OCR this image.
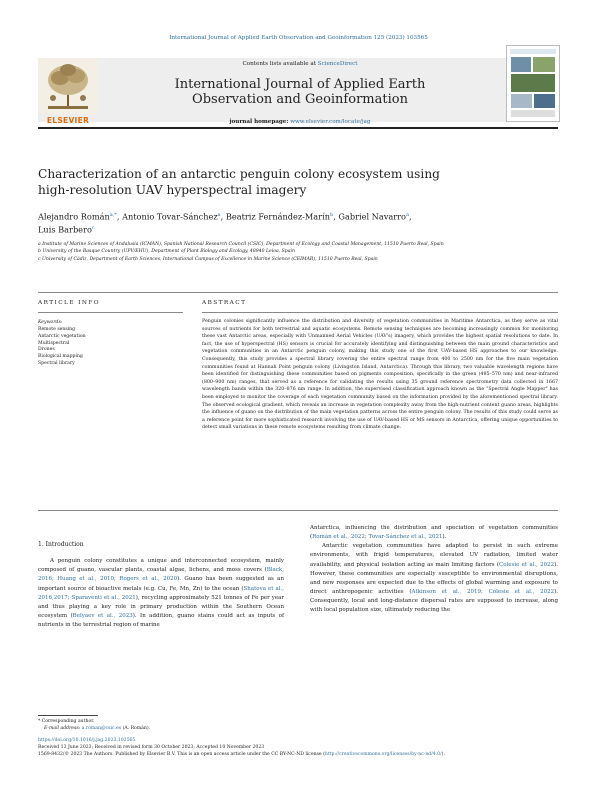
International Journal of Applied Earth Observation and Geoinformation 125 (2023) 103565
ELSEVIER
Contents lists available at ScienceDirect
International Journal of Applied Earth
Observation and Geoinformation
journal homepage: www.elsevier.com/locate/jag
Characterization of an antarctic penguin colony ecosystem using
high-resolution UAV hyperspectral imagery
Alejandro Román$^{a,*}$, Antonio Tovar-Sánchez$^a$, Beatriz Fernández-Marín$^b$, Gabriel Navarro$^a$,
Luis Barbero$^c$
a Institute of Marine Sciences of Andalusia (ICMAN), Spanish National Research Council (CSIC), Department of Ecology and Coastal Management, 11510 Puerto Real, Spain
b University of the Basque Country (UPV/EHU), Department of Plant Biology and Ecology, 48940 Leioa, Spain
c University of Cádiz, Department of Earth Sciences, International Campus of Excellence in Marine Science (CEIMAR), 11510 Puerto Real, Spain
ARTICLE INFO	ABSTRACT
Keywords:
Remote sensing
Antarctic vegetation
Multispectral
Drones
Biological mapping
Spectral library
Penguin colonies significantly influence the distribution and diversity of vegetation communities in Maritime Antarctica, as they serve as vital sources of nutrients for both terrestrial and aquatic ecosystems. Remote sensing techniques are becoming increasingly common for monitoring these vast Antarctic areas, especially with Unmanned Aerial Vehicles (UAV's) imagery, which provides the highest spatial resolutions to date. In fact, the use of hyperspectral (HS) sensors is crucial for accurately identifying and distinguishing between the main ground characteristics and vegetation communities in an Antarctic penguin colony, making this study one of the first UAV-based HS approaches to our knowledge. Consequently, this study provides a spectral library covering the entire spectral range from 400 to 2500 nm for the five main vegetation communities found at Hannah Point penguin colony (Livingston Island, Antarctica). Through this library, two valuable wavelength regions have been identified for distinguishing these communities based on pigments composition, specifically in the green (495–570 nm) and near-infrared (800–900 nm) ranges, that served as a reference for validating the results using 35 ground reference spectrometry data collected in 1667 wavelength bands within the 320–876 nm range. In addition, the supervised classification approach known as the "Spectral Angle Mapper" has been employed to monitor the coverage of each vegetation community based on the information provided by the aforementioned spectral library. The observed ecological gradient, which reveals an increase in vegetation complexity away from the high-nutrient content guano areas, highlights the influence of guano on the distribution of the main vegetation patterns across the entire penguin colony. The results of this study could serve as a reference point for more sophisticated research involving the use of UAV-based HS or MS sensors in Antarctica, offering unique opportunities to detect small variations in these remote ecosystems resulting from climate change.
1. Introduction

A penguin colony constitutes a unique and interconnected ecosystem, mainly composed of guano, vascular plants, coastal algae, lichens, and moss covers (Black, 2016; Huang et al., 2010; Rogers et al., 2020). Guano has been suggested as an important source of bioactive metals (e.g. Cu, Fe, Mn, Zn) to the ocean (Shatova et al., 2016,2017; Sparaventi et al., 2021), recycling approximately 521 tonnes of Fe per year and thus playing a key role in primary production within the Southern Ocean ecosystem (Belyaev et al., 2023). In addition, guano stains could act as inputs of nutrients in the terrestrial region of marine

Antarctica, influencing the distribution and speciation of vegetation communities (Román et al., 2022; Tovar-Sánchez et al., 2021).

Antarctic vegetation communities have adapted to persist in such extreme environments, with frigid temperatures, elevated UV radiation, limited water availability, and physical isolation acting as main limiting factors (Colesie et al., 2022). However, these communities are especially susceptible to environmental disruptions, and new responses are expected due to the effects of global warming and exposure to direct anthropogenic activities (Atkinson et al., 2019; Colesie et al., 2022). Consequently, local and long-distance dispersal rates are supposed to increase, along with local population size, ultimately reducing the

* Corresponding author.
E-mail address: a.roman@csic.es (A. Román).
https://doi.org/10.1016/j.jag.2023.103565
Received 13 June 2023; Received in revised form 30 October 2023; Accepted 10 November 2023
1569-8432/© 2023 The Authors. Published by Elsevier B.V. This is an open access article under the CC BY-NC-ND license (http://creativecommons.org/licenses/by-nc-nd/4.0/).
